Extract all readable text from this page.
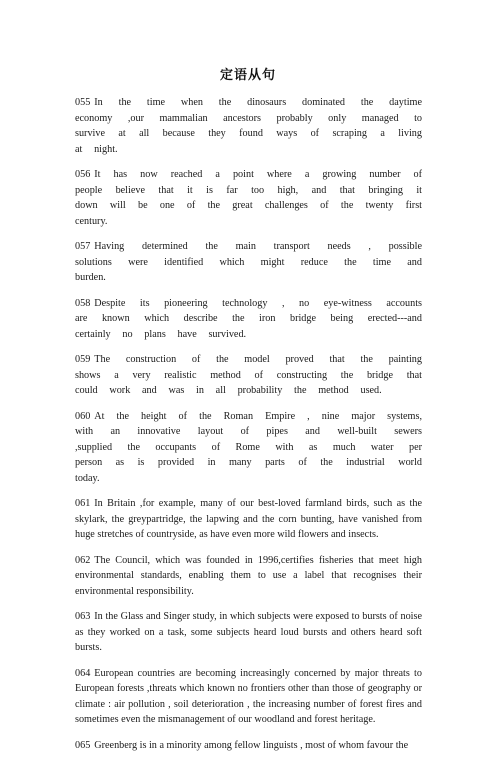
定语从句

055 In the time when the dinosaurs dominated the daytime economy ,our mammalian ancestors probably only managed to survive at all because they found ways of scraping a living at night.

056 It has now reached a point where a growing number of people believe that it is far too high, and that bringing it down will be one of the great challenges of the twenty first century.

057 Having determined the main transport needs , possible solutions were identified which might reduce the time and burden.

058 Despite its pioneering technology , no eye-witness accounts are known which describe the iron bridge being erected---and certainly no plans have survived.

059 The construction of the model proved that the painting shows a very realistic method of constructing the bridge that could work and was in all probability the method used.

060 At the height of the Roman Empire , nine major systems, with an innovative layout of pipes and well-built sewers ,supplied the occupants of Rome with as much water per person as is provided in many parts of the industrial world today.

061 In Britain ,for example, many of our best-loved farmland birds, such as the skylark, the greypartridge, the lapwing and the corn bunting, have vanished from huge stretches of countryside, as have even more wild flowers and insects.

062 The Council, which was founded in 1996,certifies fisheries that meet high environmental standards, enabling them to use a label that recognises their environmental responsibility.

063 In the Glass and Singer study, in which subjects were exposed to bursts of noise as they worked on a task, some subjects heard loud bursts and others heard soft bursts.

064 European countries are becoming increasingly concerned by major threats to European forests ,threats which known no frontiers other than those of geography or climate : air pollution , soil deterioration , the increasing number of forest fires and sometimes even the mismanagement of our woodland and forest heritage.

065 Greenberg is in a minority among fellow linguists , most of whom favour the
